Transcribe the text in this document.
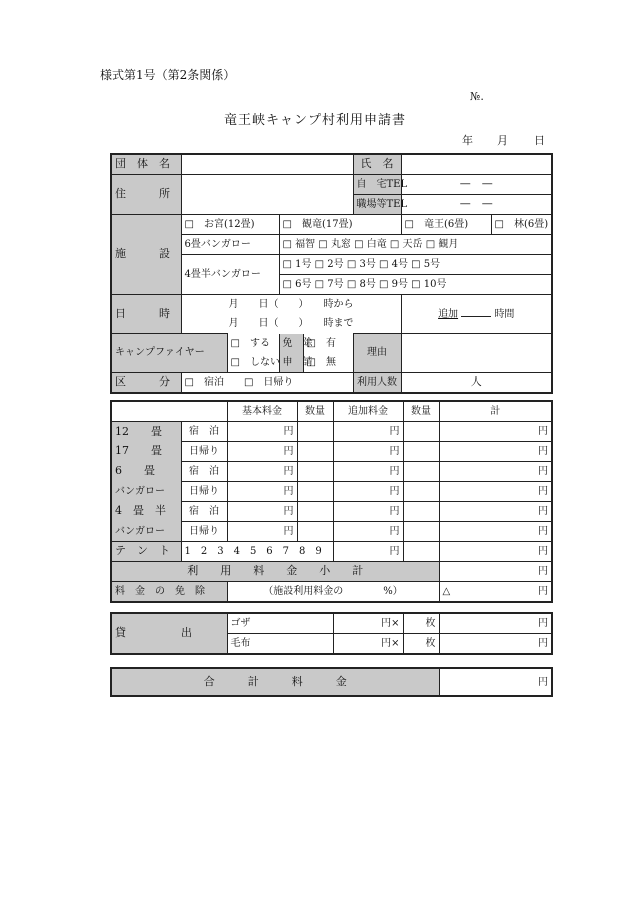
様式第1号（第2条関係）
№.
竜王峡キャンプ村利用申請書
年 月 日
団　体　名					氏　名		
住　　　所					自　宅TEL	—　—	
					職場等TEL	—　—	
施　　　設	□　お宮(12畳)		□　観竜(17畳)			□　竜王(6畳)	□　林(6畳)
	6畳バンガロー		□ 福智 □ 丸窓 □ 白竜 □ 天岳 □ 観月				
	4畳半バンガロー		□ 1号 □ 2号 □ 3号 □ 4号 □ 5号				
			□ 6号 □ 7号 □ 8号 □ 9号 □ 10号				
日　　　時	月　　日（　　）　　時から					追加 時間	
	月　　日（　　）　　時まで						
キャンプファイヤー		□　する	免　除	□　有	理由		
		□　しない	申　請	□　無			
区　　　分	□　宿泊　　□　日帰り				利用人数	人	
		基本料金	数量	追加料金	数量	計
12　　畳	宿　泊	円		円		円
17　　畳	日帰り	円		円		円
6　　畳	宿　泊	円		円		円
バンガロー	日帰り	円		円		円
4　畳　半	宿　泊	円		円		円
バンガロー	日帰り	円		円		円
テ　ン　ト	1　2　3　4　5　6　7　8　9			円		円
利　　用　　料　　金　　小　　計						円
料　金　の　免　除		（施設利用料金の　　　　%）				△ 円
貸　　　　　出	ゴザ	円×	枚	円
	毛布	円×	枚	円
合　　　計　　　料　　　金	円
